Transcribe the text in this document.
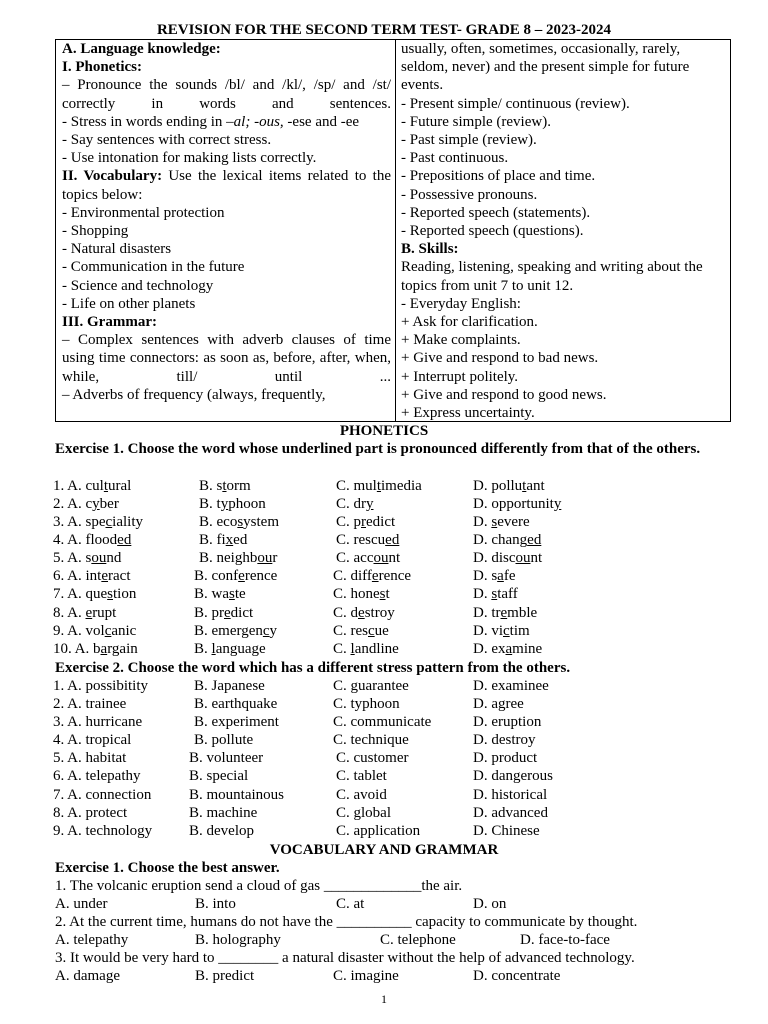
REVISION FOR THE SECOND TERM TEST- GRADE 8 – 2023-2024
A. Language knowledge:
I. Phonetics:
– Pronounce the sounds /bl/ and /kl/, /sp/ and /st/ correctly in words and sentences.
- Stress in words ending in –al; -ous, -ese and -ee
- Say sentences with correct stress.
- Use intonation for making lists correctly.
II. Vocabulary: Use the lexical items related to the topics below:
- Environmental protection
- Shopping
- Natural disasters
- Communication in the future
- Science and technology
- Life on other planets
III. Grammar:
– Complex sentences with adverb clauses of time using time connectors: as soon as, before, after, when, while, till/ until ...
– Adverbs of frequency (always, frequently,
usually, often, sometimes, occasionally, rarely, seldom, never) and the present simple for future events.
- Present simple/ continuous (review).
- Future simple (review).
- Past simple (review).
- Past continuous.
- Prepositions of place and time.
- Possessive pronouns.
- Reported speech (statements).
- Reported speech (questions).
B. Skills:
Reading, listening, speaking and writing about the topics from unit 7 to unit 12.
- Everyday English:
+ Ask for clarification.
+ Make complaints.
+ Give and respond to bad news.
+ Interrupt politely.
+ Give and respond to good news.
+ Express uncertainty.
PHONETICS
Exercise 1. Choose the word whose underlined part is pronounced differently from that of the others.
1. A. cultural	B. storm	C. multimedia	D. pollutant
2. A. cyber	B. typhoon	C. dry	D. opportunity
3. A. speciality	B. ecosystem	C. predict	D. severe
4. A. flooded	B. fixed	C. rescued	D. changed
5. A. sound	B. neighbour	C. account	D. discount
6. A. interact	B. conference	C. difference	D. safe
7. A. question	B. waste	C. honest	D. staff
8. A. erupt	B. predict	C. destroy	D. tremble
9. A. volcanic	B. emergency	C. rescue	D. victim
10. A. bargain	B. language	C. landline	D. examine
Exercise 2. Choose the word which has a different stress pattern from the others.
1. A. possibitity	B. Japanese	C. guarantee	D. examinee
2. A. trainee	B. earthquake	C. typhoon	D. agree
3. A. hurricane	B. experiment	C. communicate	D. eruption
4. A. tropical	B. pollute	C. technique	D. destroy
5. A. habitat	B. volunteer	C. customer	D. product
6. A. telepathy	B. special	C. tablet	D. dangerous
7. A. connection	B. mountainous	C. avoid	D. historical
8. A. protect	B. machine	C. global	D. advanced
9. A. technology B. develop	C. application	D. Chinese
VOCABULARY AND GRAMMAR
Exercise 1. Choose the best answer.
1. The volcanic eruption send a cloud of gas _____________the air.
A. under	B. into	C. at	D. on
2. At the current time, humans do not have the __________ capacity to communicate by thought.
A. telepathy	B. holography	C. telephone	D. face-to-face
3. It would be very hard to ________ a natural disaster without the help of advanced technology.
A. damage	B. predict	C. imagine	D. concentrate
1
